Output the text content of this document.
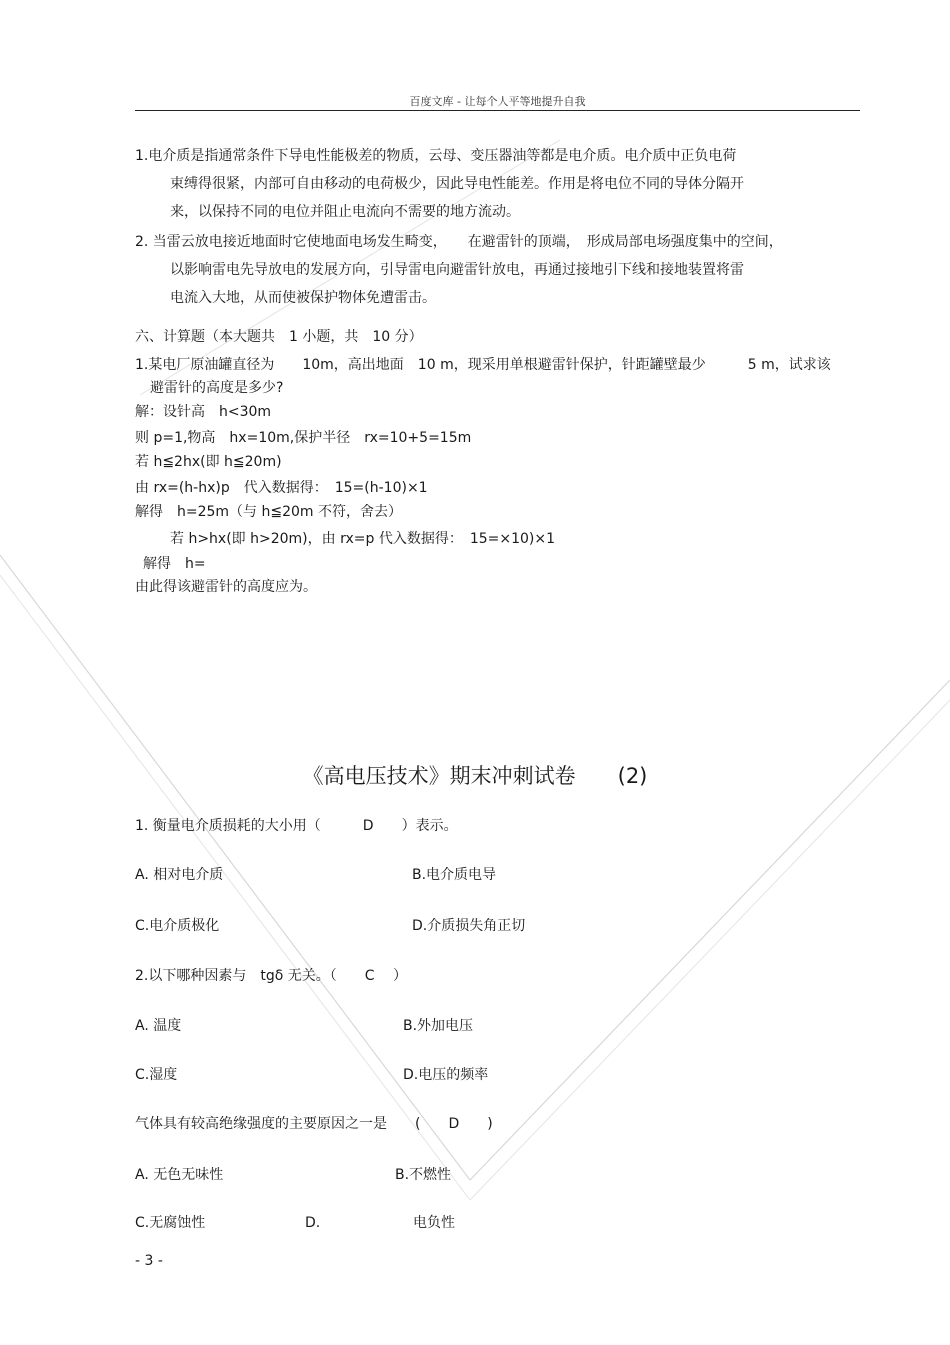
百度文库 - 让每个人平等地提升自我
1.电介质是指通常条件下导电性能极差的物质，云母、变压器油等都是电介质。电介质中正负电荷
束缚得很紧，内部可自由移动的电荷极少，因此导电性能差。作用是将电位不同的导体分隔开
来，以保持不同的电位并阻止电流向不需要的地方流动。
2. 当雷云放电接近地面时它使地面电场发生畸变，　　在避雷针的顶端，　形成局部电场强度集中的空间，
以影响雷电先导放电的发展方向，引导雷电向避雷针放电，再通过接地引下线和接地装置将雷
电流入大地，从而使被保护物体免遭雷击。
六、计算题（本大题共　1 小题，共　10 分）
1.某电厂原油罐直径为　　10m，高出地面　10 m，现采用单根避雷针保护，针距罐壁最少　　　5 m，试求该
避雷针的高度是多少?
解：设针高　h<30m
则 p=1,物高　hx=10m,保护半径　rx=10+5=15m
若 h≦2hx(即 h≦20m)
由 rx=(h-hx)p　代入数据得：　15=(h-10)×1
解得　h=25m（与 h≦20m 不符，舍去）
若 h>hx(即 h>20m)，由 rx=p 代入数据得：　15=×10)×1
解得　h=
由此得该避雷针的高度应为。
《高电压技术》期末冲刺试卷　　(2)
1. 衡量电介质损耗的大小用（　　　D　　）表示。
A. 相对电介质	B.电介质电导
C.电介质极化	D.介质损失角正切
2.以下哪种因素与　tgδ 无关。（　　C　 ）
A. 温度	B.外加电压
C.湿度	D.电压的频率
气体具有较高绝缘强度的主要原因之一是　　(　　D　　)
A. 无色无味性	B.不燃性
C.无腐蚀性	D.	电负性
- 3 -
